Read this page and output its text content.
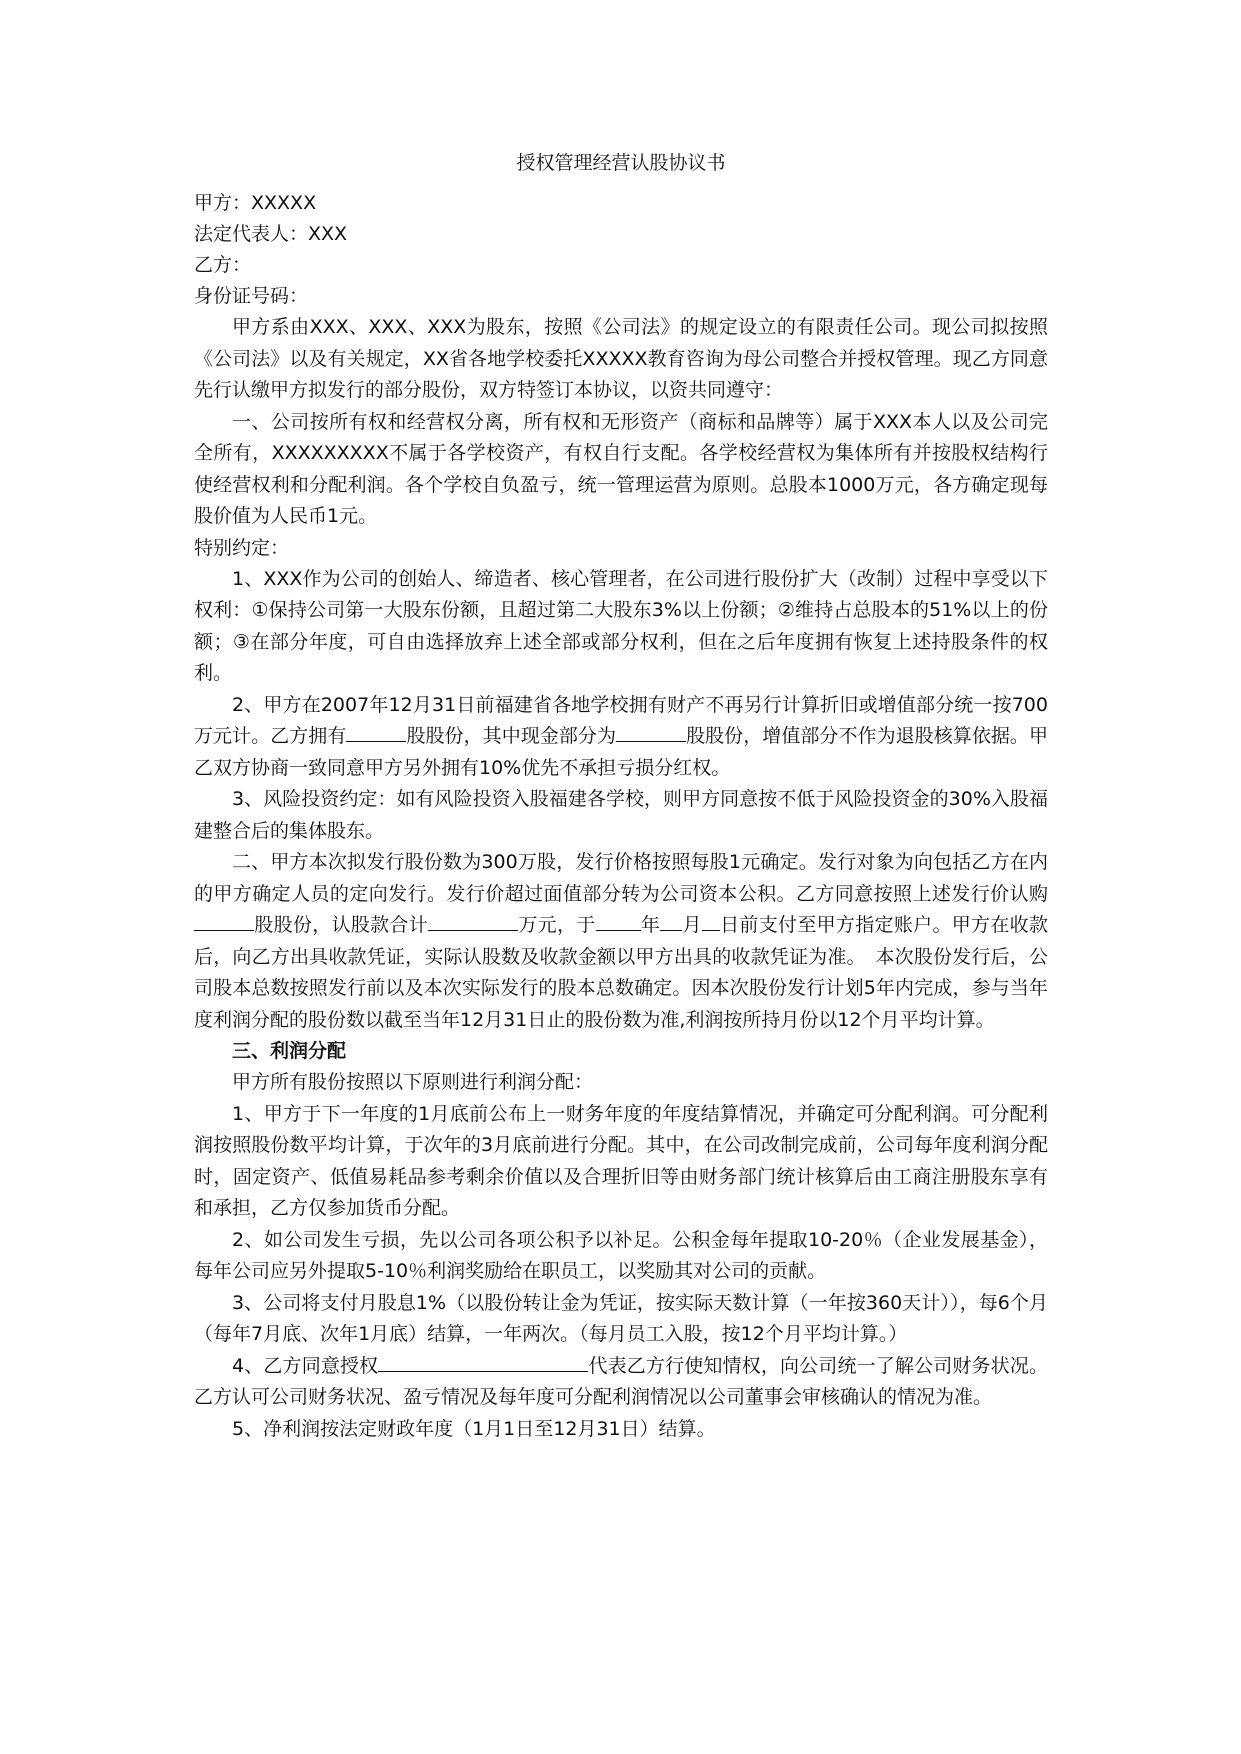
授权管理经营认股协议书

甲方：XXXXX

法定代表人：XXX

乙方：

身份证号码：

甲方系由XXX、XXX、XXX为股东，按照《公司法》的规定设立的有限责任公司。现公司拟按照《公司法》以及有关规定，XX省各地学校委托XXXXX教育咨询为母公司整合并授权管理。现乙方同意先行认缴甲方拟发行的部分股份，双方特签订本协议，以资共同遵守：

一、公司按所有权和经营权分离，所有权和无形资产（商标和品牌等）属于XXX本人以及公司完全所有，XXXXXXXXX不属于各学校资产，有权自行支配。各学校经营权为集体所有并按股权结构行使经营权利和分配利润。各个学校自负盈亏，统一管理运营为原则。总股本1000万元，各方确定现每股价值为人民币1元。

特别约定：

1、XXX作为公司的创始人、缔造者、核心管理者，在公司进行股份扩大（改制）过程中享受以下权利：①保持公司第一大股东份额，且超过第二大股东3%以上份额；②维持占总股本的51%以上的份额；③在部分年度，可自由选择放弃上述全部或部分权利，但在之后年度拥有恢复上述持股条件的权利。

2、甲方在2007年12月31日前福建省各地学校拥有财产不再另行计算折旧或增值部分统一按700万元计。乙方拥有	股股份，其中现金部分为	股股份，增值部分不作为退股核算依据。甲乙双方协商一致同意甲方另外拥有10%优先不承担亏损分红权。

3、风险投资约定：如有风险投资入股福建各学校，则甲方同意按不低于风险投资金的30%入股福建整合后的集体股东。

二、甲方本次拟发行股份数为300万股，发行价格按照每股1元确定。发行对象为向包括乙方在内的甲方确定人员的定向发行。发行价超过面值部分转为公司资本公积。乙方同意按照上述发行价认购股股份，认股款合计	万元，于 年 月 日前支付至甲方指定账户。甲方在收款后，向乙方出具收款凭证，实际认股数及收款金额以甲方出具的收款凭证为准。　本次股份发行后，公司股本总数按照发行前以及本次实际发行的股本总数确定。因本次股份发行计划5年内完成，参与当年度利润分配的股份数以截至当年12月31日止的股份数为准,利润按所持月份以12个月平均计算。

三、利润分配

甲方所有股份按照以下原则进行利润分配：

1、甲方于下一年度的1月底前公布上一财务年度的年度结算情况，并确定可分配利润。可分配利润按照股份数平均计算，于次年的3月底前进行分配。其中，在公司改制完成前，公司每年度利润分配时，固定资产、低值易耗品参考剩余价值以及合理折旧等由财务部门统计核算后由工商注册股东享有和承担，乙方仅参加货币分配。

2、如公司发生亏损，先以公司各项公积予以补足。公积金每年提取10-20％（企业发展基金），每年公司应另外提取5-10％利润奖励给在职员工，以奖励其对公司的贡献。

3、公司将支付月股息1%（以股份转让金为凭证，按实际天数计算（一年按360天计）），每6个月（每年7月底、次年1月底）结算，一年两次。（每月员工入股，按12个月平均计算。）

4、乙方同意授权	代表乙方行使知情权，向公司统一了解公司财务状况。乙方认可公司财务状况、盈亏情况及每年度可分配利润情况以公司董事会审核确认的情况为准。

5、净利润按法定财政年度（1月1日至12月31日）结算。
